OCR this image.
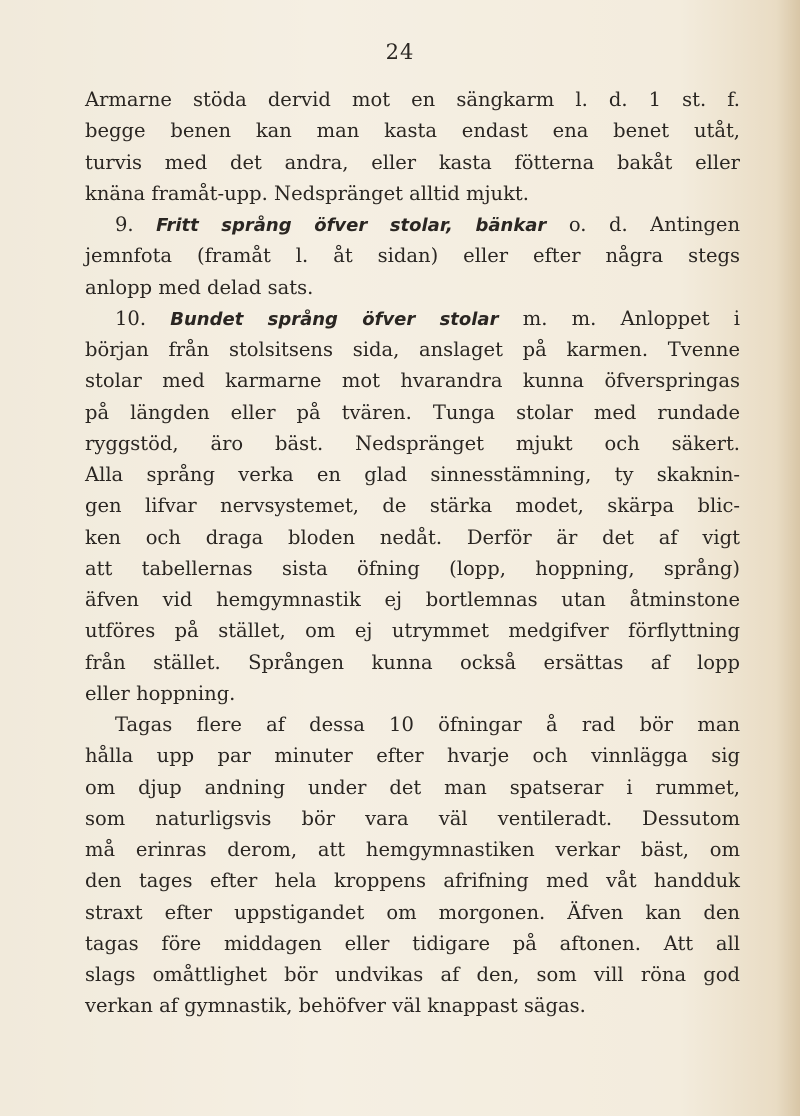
24
Armarne stöda dervid mot en sängkarm l. d. 1 st. f.
begge benen kan man kasta endast ena benet utåt,
turvis med det andra, eller kasta fötterna bakåt eller
knäna framåt-upp. Nedspränget alltid mjukt.
9. Fritt språng öfver stolar, bänkar o. d. Antingen
jemnfota (framåt l. åt sidan) eller efter några stegs
anlopp med delad sats.
10. Bundet språng öfver stolar m. m. Anloppet i
början från stolsitsens sida, anslaget på karmen. Tvenne
stolar med karmarne mot hvarandra kunna öfverspringas
på längden eller på tvären. Tunga stolar med rundade
ryggstöd, äro bäst. Nedspränget mjukt och säkert.
Alla språng verka en glad sinnesstämning, ty skaknin-
gen lifvar nervsystemet, de stärka modet, skärpa blic-
ken och draga bloden nedåt. Derför är det af vigt
att tabellernas sista öfning (lopp, hoppning, språng)
äfven vid hemgymnastik ej bortlemnas utan åtminstone
utföres på stället, om ej utrymmet medgifver förflyttning
från stället. Sprången kunna också ersättas af lopp
eller hoppning.
Tagas flere af dessa 10 öfningar å rad bör man
hålla upp par minuter efter hvarje och vinnlägga sig
om djup andning under det man spatserar i rummet,
som naturligsvis bör vara väl ventileradt. Dessutom
må erinras derom, att hemgymnastiken verkar bäst, om
den tages efter hela kroppens afrifning med våt handduk
straxt efter uppstigandet om morgonen. Äfven kan den
tagas före middagen eller tidigare på aftonen. Att all
slags omåttlighet bör undvikas af den, som vill röna god
verkan af gymnastik, behöfver väl knappast sägas.
